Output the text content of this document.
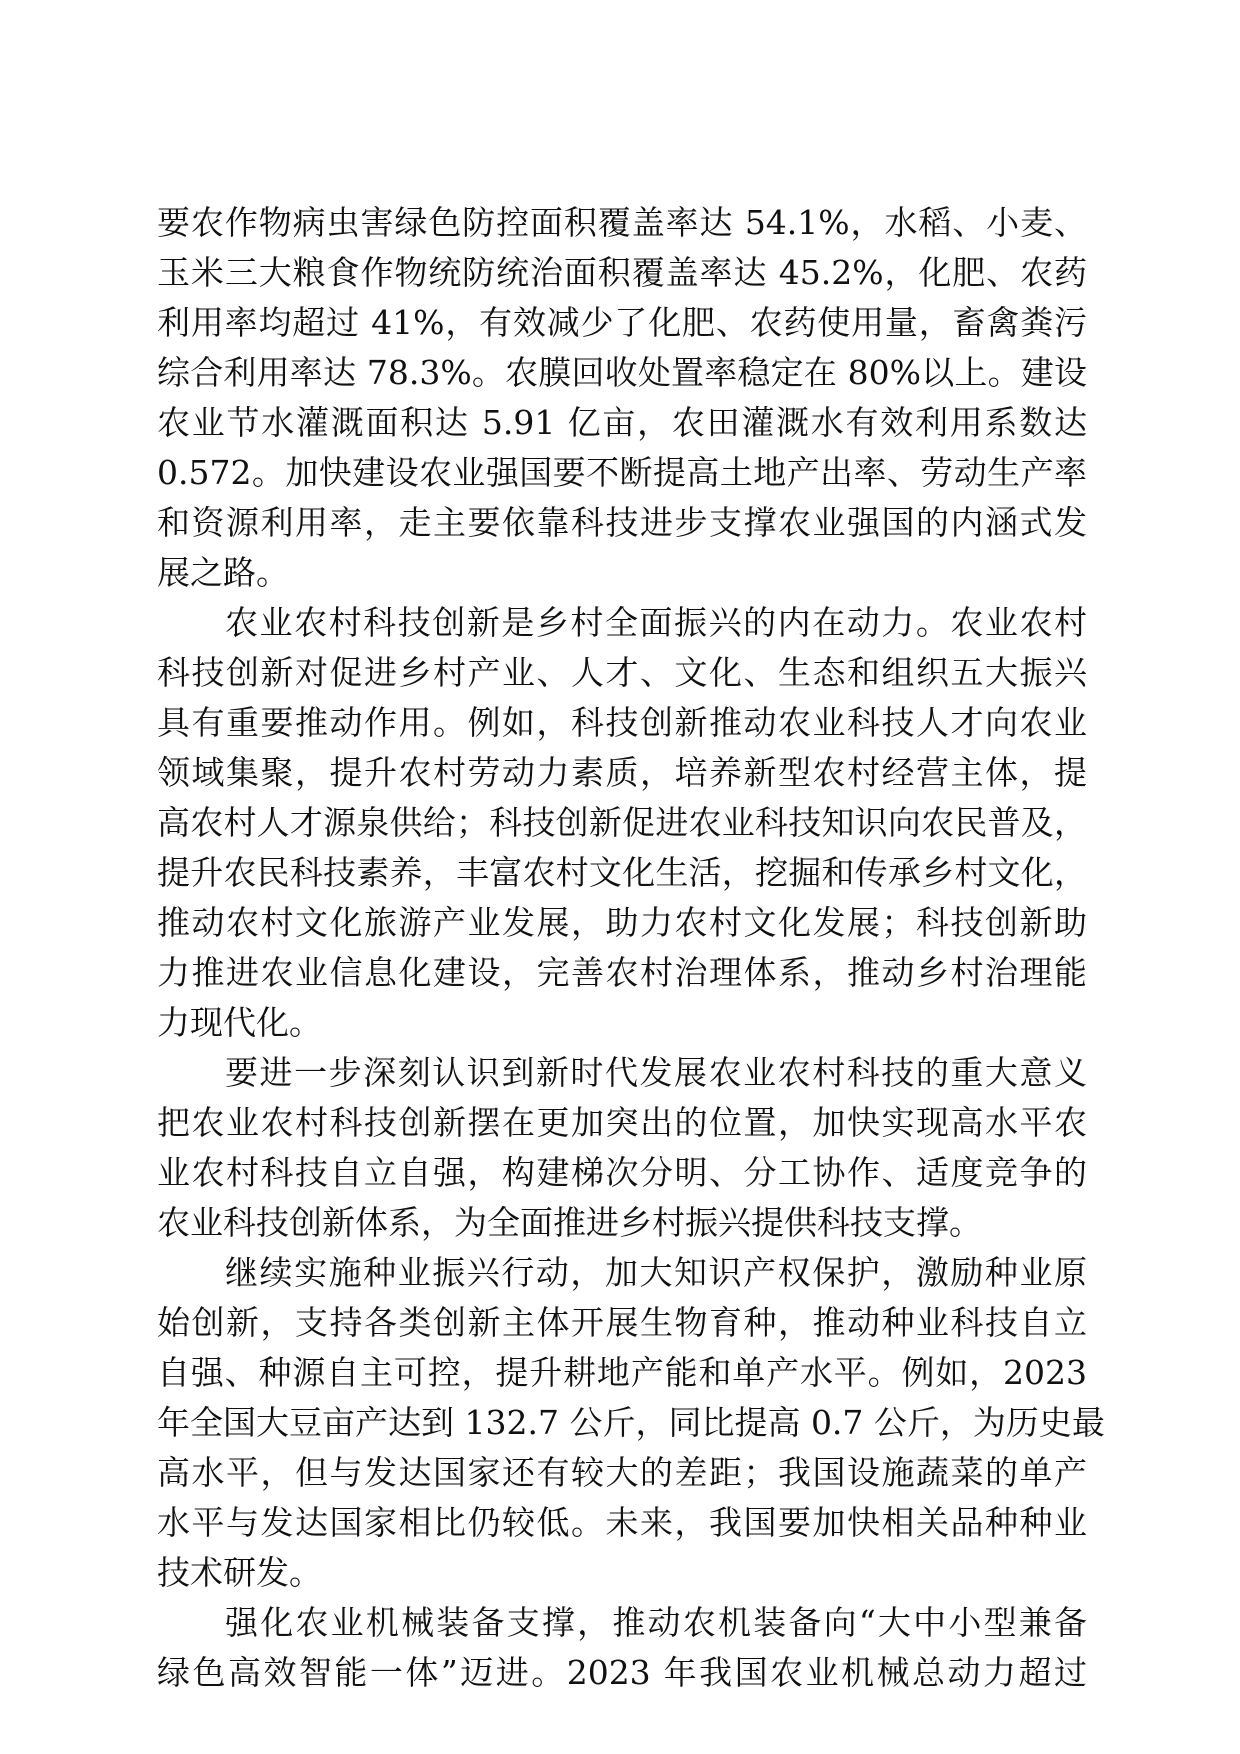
要农作物病虫害绿色防控面积覆盖率达 54.1%，水稻、小麦、
玉米三大粮食作物统防统治面积覆盖率达 45.2%，化肥、农药
利用率均超过 41%，有效减少了化肥、农药使用量，畜禽粪污
综合利用率达 78.3%。农膜回收处置率稳定在 80%以上。建设
农业节水灌溉面积达 5.91 亿亩，农田灌溉水有效利用系数达
0.572。加快建设农业强国要不断提高土地产出率、劳动生产率
和资源利用率，走主要依靠科技进步支撑农业强国的内涵式发
展之路。
农业农村科技创新是乡村全面振兴的内在动力。农业农村
科技创新对促进乡村产业、人才、文化、生态和组织五大振兴
具有重要推动作用。例如，科技创新推动农业科技人才向农业
领域集聚，提升农村劳动力素质，培养新型农村经营主体，提
高农村人才源泉供给；科技创新促进农业科技知识向农民普及，
提升农民科技素养，丰富农村文化生活，挖掘和传承乡村文化，
推动农村文化旅游产业发展，助力农村文化发展；科技创新助
力推进农业信息化建设，完善农村治理体系，推动乡村治理能
力现代化。
要进一步深刻认识到新时代发展农业农村科技的重大意义
把农业农村科技创新摆在更加突出的位置，加快实现高水平农
业农村科技自立自强，构建梯次分明、分工协作、适度竞争的
农业科技创新体系，为全面推进乡村振兴提供科技支撑。
继续实施种业振兴行动，加大知识产权保护，激励种业原
始创新，支持各类创新主体开展生物育种，推动种业科技自立
自强、种源自主可控，提升耕地产能和单产水平。例如，2023
年全国大豆亩产达到 132.7 公斤，同比提高 0.7 公斤，为历史最
高水平，但与发达国家还有较大的差距；我国设施蔬菜的单产
水平与发达国家相比仍较低。未来，我国要加快相关品种种业
技术研发。
强化农业机械装备支撑，推动农机装备向“大中小型兼备
绿色高效智能一体”迈进。2023 年我国农业机械总动力超过
